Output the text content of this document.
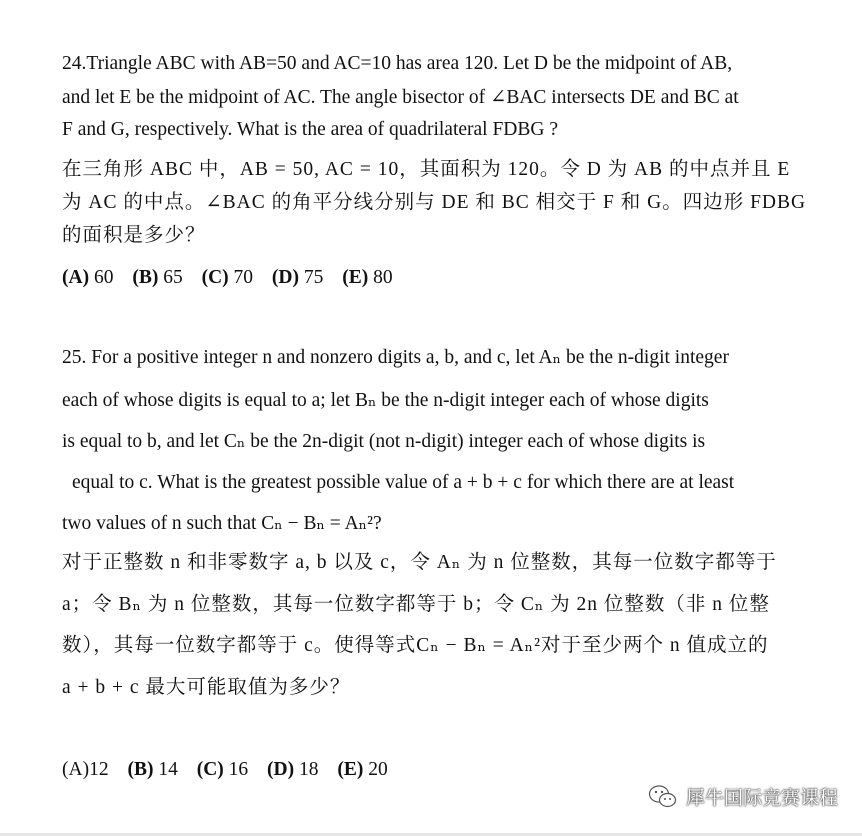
24.Triangle ABC with AB=50 and AC=10 has area 120. Let D be the midpoint of AB,
and let E be the midpoint of AC. The angle bisector of ∠BAC intersects DE and BC at
F and G, respectively. What is the area of quadrilateral FDBG ?
在三角形 ABC 中，AB = 50, AC = 10，其面积为 120。令 D 为 AB 的中点并且 E
为 AC 的中点。∠BAC 的角平分线分别与 DE 和 BC 相交于 F 和 G。四边形 FDBG
的面积是多少？
(A) 60 (B) 65 (C) 70 (D) 75 (E) 80
25. For a positive integer n and nonzero digits a, b, and c, let Aₙ be the n-digit integer
each of whose digits is equal to a; let Bₙ be the n-digit integer each of whose digits
is equal to b, and let Cₙ be the 2n-digit (not n-digit) integer each of whose digits is
equal to c. What is the greatest possible value of a + b + c for which there are at least
two values of n such that Cₙ − Bₙ = Aₙ²?
对于正整数 n 和非零数字 a, b 以及 c，令 Aₙ 为 n 位整数，其每一位数字都等于
a；令 Bₙ 为 n 位整数，其每一位数字都等于 b；令 Cₙ 为 2n 位整数（非 n 位整
数），其每一位数字都等于 c。使得等式Cₙ − Bₙ = Aₙ²对于至少两个 n 值成立的
a + b + c 最大可能取值为多少？
(A)12 (B) 14 (C) 16 (D) 18 (E) 20
犀牛国际竞赛课程
